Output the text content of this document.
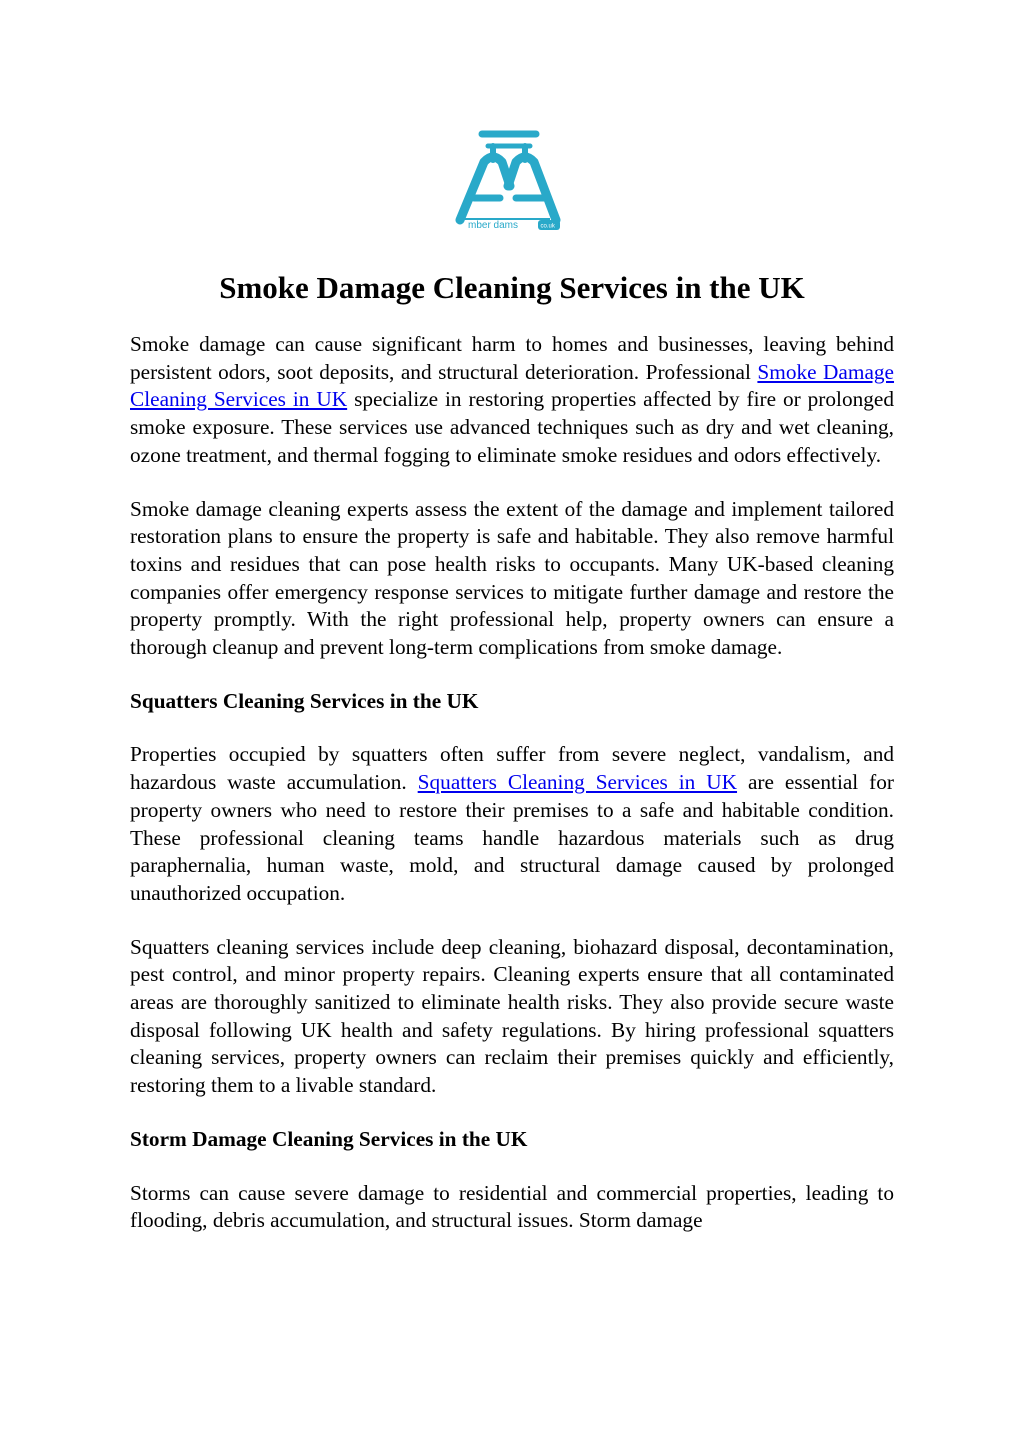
mber dams	co.uk
Smoke Damage Cleaning Services in the UK

Smoke damage can cause significant harm to homes and businesses, leaving behind persistent odors, soot deposits, and structural deterioration. Professional Smoke Damage Cleaning Services in UK specialize in restoring properties affected by fire or prolonged smoke exposure. These services use advanced techniques such as dry and wet cleaning, ozone treatment, and thermal fogging to eliminate smoke residues and odors effectively.

Smoke damage cleaning experts assess the extent of the damage and implement tailored restoration plans to ensure the property is safe and habitable. They also remove harmful toxins and residues that can pose health risks to occupants. Many UK-based cleaning companies offer emergency response services to mitigate further damage and restore the property promptly. With the right professional help, property owners can ensure a thorough cleanup and prevent long-term complications from smoke damage.

Squatters Cleaning Services in the UK

Properties occupied by squatters often suffer from severe neglect, vandalism, and hazardous waste accumulation. Squatters Cleaning Services in UK are essential for property owners who need to restore their premises to a safe and habitable condition. These professional cleaning teams handle hazardous materials such as drug paraphernalia, human waste, mold, and structural damage caused by prolonged unauthorized occupation.

Squatters cleaning services include deep cleaning, biohazard disposal, decontamination, pest control, and minor property repairs. Cleaning experts ensure that all contaminated areas are thoroughly sanitized to eliminate health risks. They also provide secure waste disposal following UK health and safety regulations. By hiring professional squatters cleaning services, property owners can reclaim their premises quickly and efficiently, restoring them to a livable standard.

Storm Damage Cleaning Services in the UK

Storms can cause severe damage to residential and commercial properties, leading to flooding, debris accumulation, and structural issues. Storm damage
